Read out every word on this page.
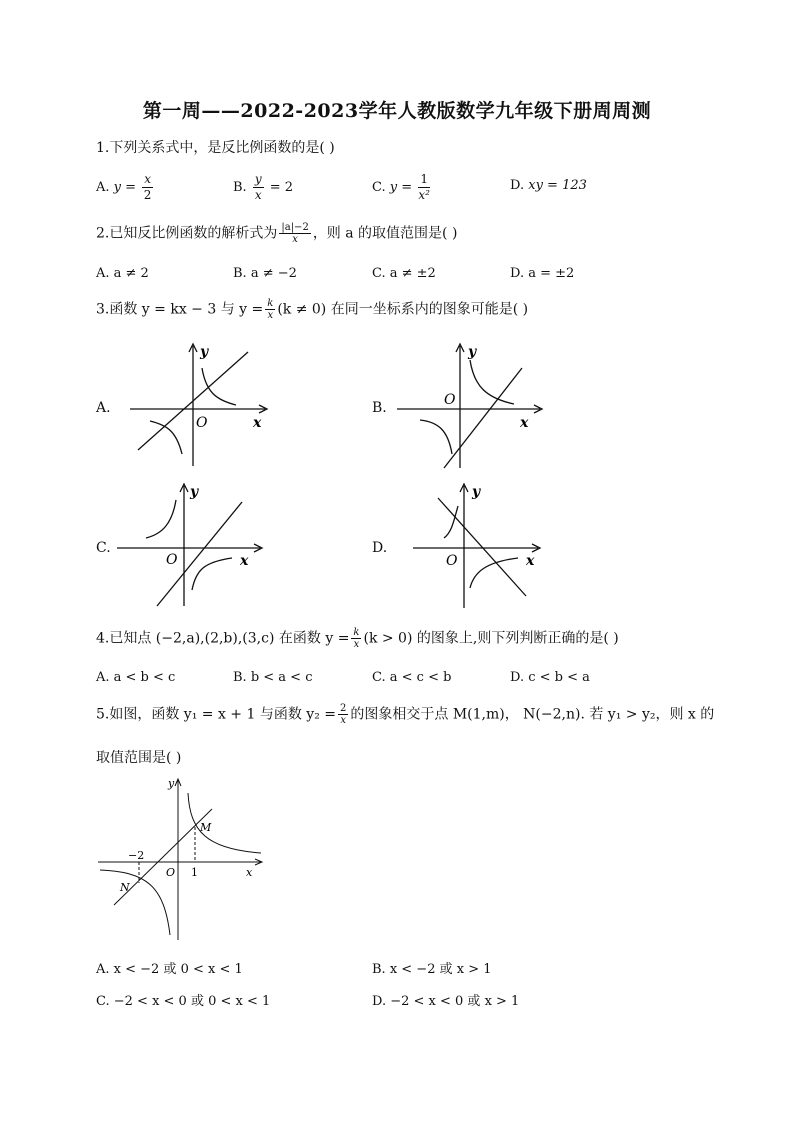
第一周——2022-2023学年人教版数学九年级下册周周测
1.下列关系式中，是反比例函数的是( )
A. $y = \frac{x}{2}$	B. $\frac{y}{x} = 2$	C. $y = \frac{1}{\text{x²}}$	D. xy = 123
2.已知反比例函数的解析式为 $\frac{|a|-2}{x}$ ，则 a 的取值范围是( )
A. a ≠ 2	B. a ≠ −2	C. a ≠ ±2	D. a = ±2
3.函数 y = kx − 3 与 $y = \frac{k}{x} (k \ne 0)$ 在同一坐标系内的图象可能是( )
A.	B.
C.	D.
y
x
O
y
x
O
y
x
O
y
x
O
4.已知点 (−2,a),(2,b),(3,c) 在函数 $y = \frac{k}{x} (k > 0)$ 的图象上,则下列判断正确的是( )
A. a < b < c	B. b < a < c	C. a < c < b	D. c < b < a
5.如图，函数 y₁ = x + 1 与函数 $y_2 = \frac{2}{x}$ 的图象相交于点 M(1,m)， N(−2,n). 若 y₁ > y₂，则 x 的
取值范围是( )
y
x
O 1
−2
M
N
A. x < −2 或 0 < x < 1	B. x < −2 或 x > 1
C. −2 < x < 0 或 0 < x < 1	D. −2 < x < 0 或 x > 1
